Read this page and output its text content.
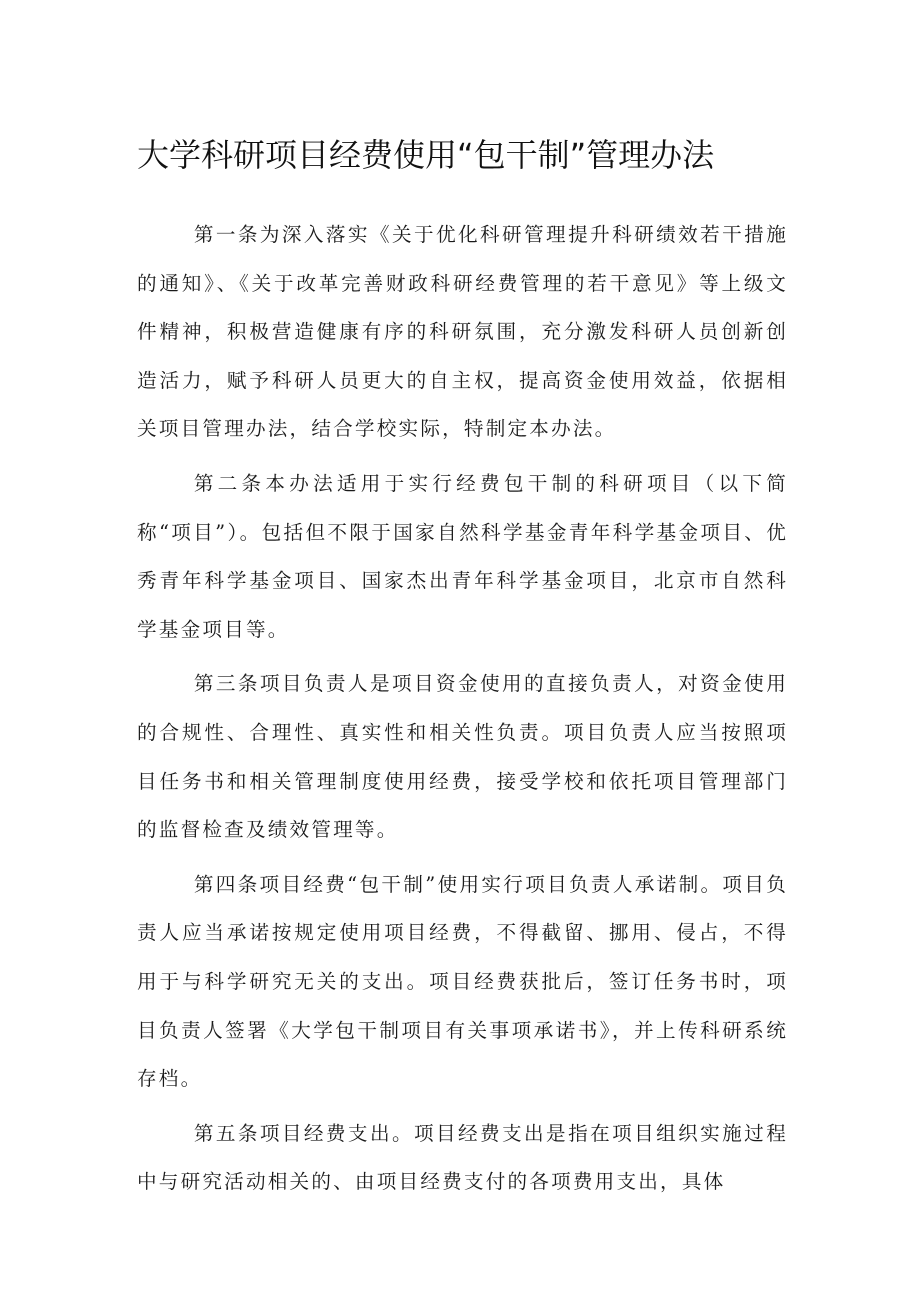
大学科研项目经费使用“包干制”管理办法

第一条为深入落实《关于优化科研管理提升科研绩效若干措施的通知》、《关于改革完善财政科研经费管理的若干意见》等上级文件精神，积极营造健康有序的科研氛围，充分激发科研人员创新创造活力，赋予科研人员更大的自主权，提高资金使用效益，依据相关项目管理办法，结合学校实际，特制定本办法。

第二条本办法适用于实行经费包干制的科研项目（以下简称“项目”）。包括但不限于国家自然科学基金青年科学基金项目、优秀青年科学基金项目、国家杰出青年科学基金项目，北京市自然科学基金项目等。

第三条项目负责人是项目资金使用的直接负责人，对资金使用的合规性、合理性、真实性和相关性负责。项目负责人应当按照项目任务书和相关管理制度使用经费，接受学校和依托项目管理部门的监督检查及绩效管理等。

第四条项目经费“包干制”使用实行项目负责人承诺制。项目负责人应当承诺按规定使用项目经费，不得截留、挪用、侵占，不得用于与科学研究无关的支出。项目经费获批后，签订任务书时，项目负责人签署《大学包干制项目有关事项承诺书》，并上传科研系统存档。

第五条项目经费支出。项目经费支出是指在项目组织实施过程中与研究活动相关的、由项目经费支付的各项费用支出，具体
